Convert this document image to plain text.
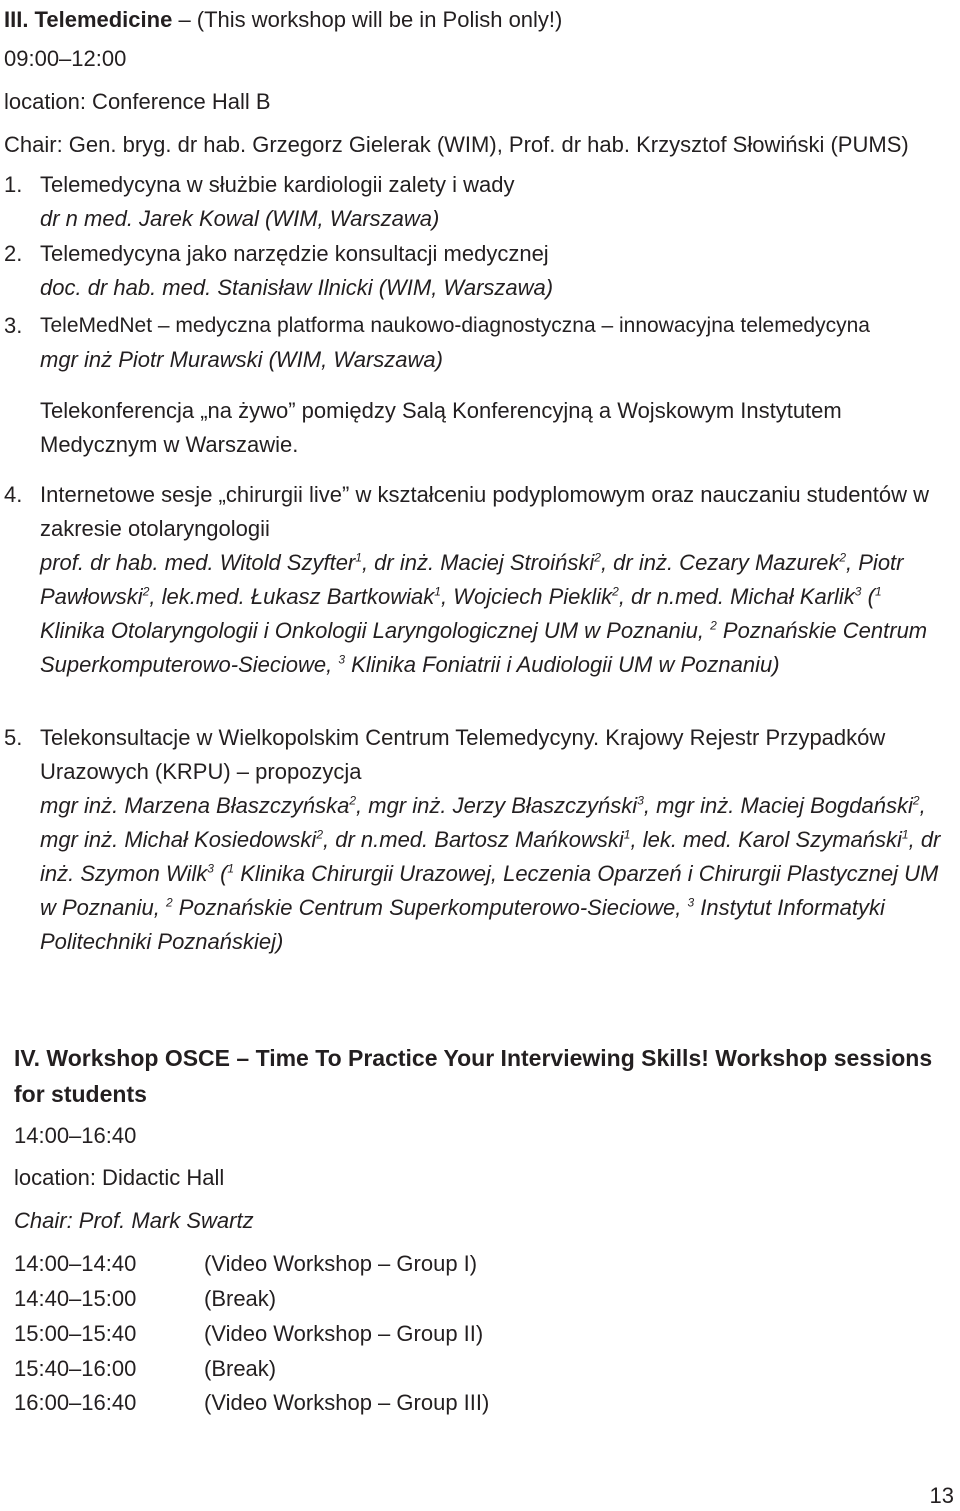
III. Telemedicine – (This workshop will be in Polish only!)
09:00–12:00
location: Conference Hall B
Chair: Gen. bryg. dr hab. Grzegorz Gielerak (WIM), Prof. dr hab. Krzysztof Słowiński (PUMS)
1. Telemedycyna w służbie kardiologii zalety i wady
dr n med. Jarek Kowal (WIM, Warszawa)
2. Telemedycyna jako narzędzie konsultacji medycznej
doc. dr hab. med. Stanisław Ilnicki (WIM, Warszawa)
3. TeleMedNet – medyczna platforma naukowo-diagnostyczna – innowacyjna telemedycyna
mgr inż Piotr Murawski (WIM, Warszawa)
Telekonferencja „na żywo” pomiędzy Salą Konferencyjną a Wojskowym Instytutem Medycznym w Warszawie.
4. Internetowe sesje „chirurgii live” w kształceniu podyplomowym oraz nauczaniu studentów w zakresie otolaryngologii
prof. dr hab. med. Witold Szyfter$^1$, dr inż. Maciej Stroiński$^2$, dr inż. Cezary Mazurek$^2$, Piotr Pawłowski$^2$, lek.med. Łukasz Bartkowiak$^1$, Wojciech Pieklik$^2$, dr n.med. Michał Karlik$^3$ ($^1$ Klinika Otolaryngologii i Onkologii Laryngologicznej UM w Poznaniu, $^2$ Poznańskie Centrum Superkomputerowo-Sieciowe, $^3$ Klinika Foniatrii i Audiologii UM w Poznaniu)
5. Telekonsultacje w Wielkopolskim Centrum Telemedycyny. Krajowy Rejestr Przypadków Urazowych (KRPU) – propozycja
mgr inż. Marzena Błaszczyńska$^2$, mgr inż. Jerzy Błaszczyński$^3$, mgr inż. Maciej Bogdański$^2$, mgr inż. Michał Kosiedowski$^2$, dr n.med. Bartosz Mańkowski$^1$, lek. med. Karol Szymański$^1$, dr inż. Szymon Wilk$^3$ ($^1$ Klinika Chirurgii Urazowej, Leczenia Oparzeń i Chirurgii Plastycznej UM w Poznaniu, $^2$ Poznańskie Centrum Superkomputerowo-Sieciowe, $^3$ Instytut Informatyki Politechniki Poznańskiej)
IV. Workshop OSCE – Time To Practice Your Interviewing Skills! Workshop sessions for students
14:00–16:40
location: Didactic Hall
Chair: Prof. Mark Swartz
14:00–14:40	(Video Workshop – Group I)
14:40–15:00	(Break)
15:00–15:40	(Video Workshop – Group II)
15:40–16:00	(Break)
16:00–16:40	(Video Workshop – Group III)
13
